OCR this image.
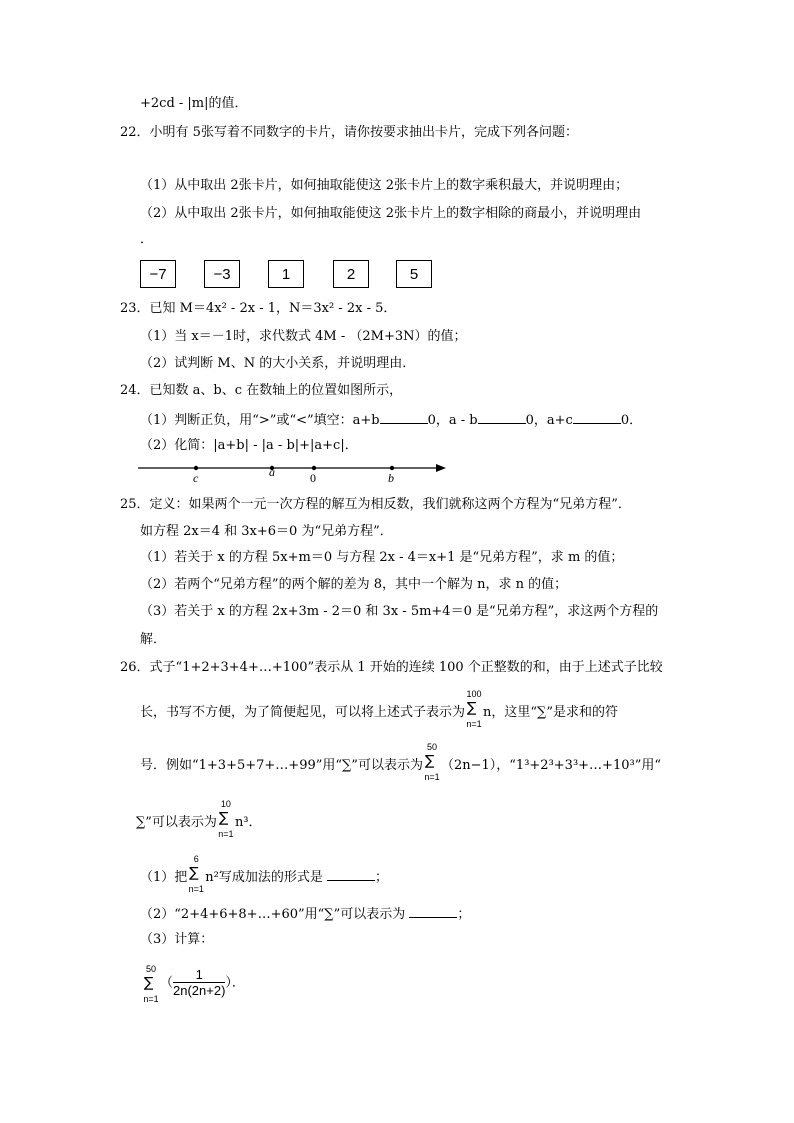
+2cd - |m|的值．
22．小明有 5张写着不同数字的卡片，请你按要求抽出卡片，完成下列各问题：
（1）从中取出 2张卡片，如何抽取能使这 2张卡片上的数字乘积最大，并说明理由；
（2）从中取出 2张卡片，如何抽取能使这 2张卡片上的数字相除的商最小，并说明理由
．
−7	−3	1	2	5
23．已知 M＝4x² - 2x - 1，N＝3x² - 2x - 5．
（1）当 x＝－1时，求代数式 4M - （2M+3N）的值；
（2）试判断 M、N 的大小关系，并说明理由．
24．已知数 a、b、c 在数轴上的位置如图所示，
（1）判断正负，用“>”或“<”填空：a+b	0，a - b	0，a+c	0．
（2）化简：|a+b| - |a - b|+|a+c|．
c	a	0	b
25．定义：如果两个一元一次方程的解互为相反数，我们就称这两个方程为“兄弟方程”．
如方程 2x＝4 和 3x+6＝0 为“兄弟方程”．
（1）若关于 x 的方程 5x+m＝0 与方程 2x - 4＝x+1 是“兄弟方程”，求 m 的值；
（2）若两个“兄弟方程”的两个解的差为 8，其中一个解为 n，求 n 的值；
（3）若关于 x 的方程 2x+3m - 2＝0 和 3x - 5m+4＝0 是“兄弟方程”，求这两个方程的
解．
26．式子“1+2+3+4+…+100”表示从 1 开始的连续 100 个正整数的和，由于上述式子比较
长，书写不方便，为了简便起见，可以将上述式子表示为
100
∑
n=1
n，这里“∑”是求和的符
号．例如“1+3+5+7+…+99”用“∑”可以表示为
50
∑
n=1
（2n−1），“1³+2³+3³+…+10³”用“
∑”可以表示为
10
∑
n=1
n³．
（1）把
6
∑
n=1
n²写成加法的形式是	；
（2）“2+4+6+8+…+60”用“∑”可以表示为	；
（3）计算：
50
∑
n=1
（ $\frac{1}{2n(2n+2)}$ ）．
